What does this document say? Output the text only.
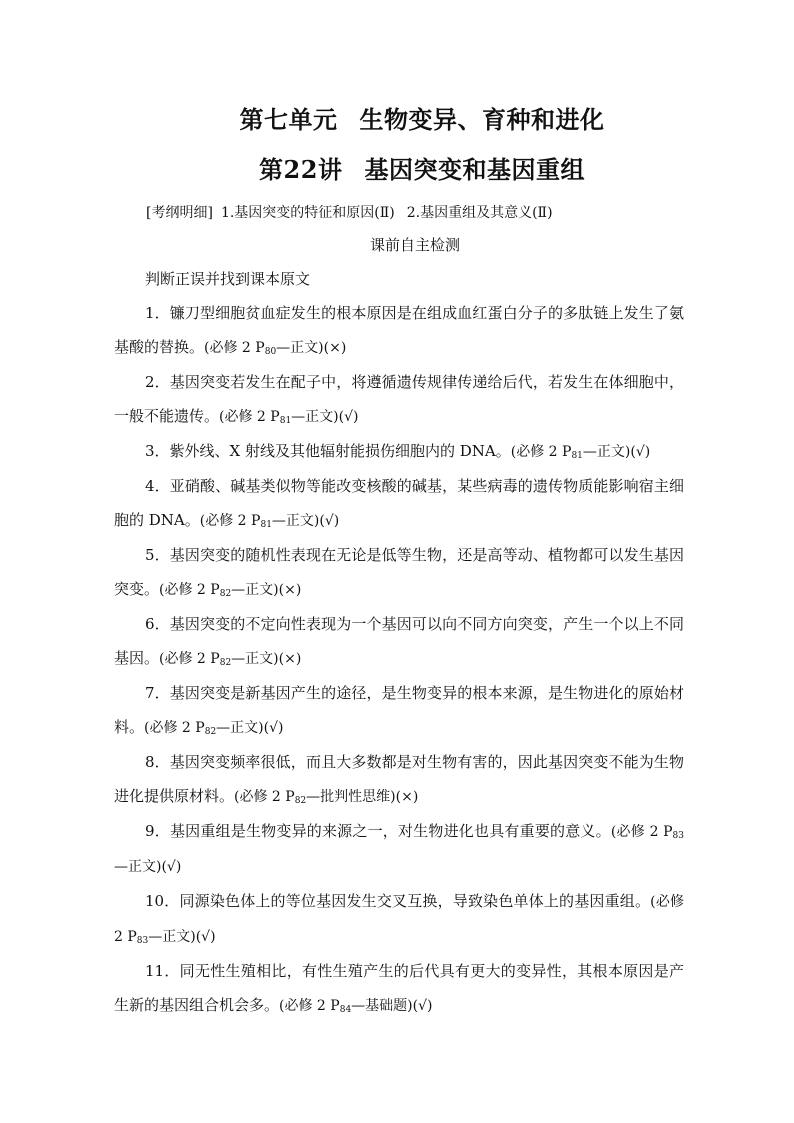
第七单元 生物变异、育种和进化
第22讲 基因突变和基因重组
[考纲明细] 1.基因突变的特征和原因(Ⅱ) 2.基因重组及其意义(Ⅱ)
课前自主检测
判断正误并找到课本原文

1．镰刀型细胞贫血症发生的根本原因是在组成血红蛋白分子的多肽链上发生了氨基酸的替换。(必修 2 $P_{80}—$正文)(×)

2．基因突变若发生在配子中，将遵循遗传规律传递给后代，若发生在体细胞中，一般不能遗传。(必修 2 $P_{81}—$正文)(√)

3．紫外线、X 射线及其他辐射能损伤细胞内的 DNA。(必修 2 $P_{81}—$正文)(√)

4．亚硝酸、碱基类似物等能改变核酸的碱基，某些病毒的遗传物质能影响宿主细胞的 DNA。(必修 2 $P_{81}—$正文)(√)

5．基因突变的随机性表现在无论是低等生物，还是高等动、植物都可以发生基因突变。(必修 2 $P_{82}—$正文)(×)

6．基因突变的不定向性表现为一个基因可以向不同方向突变，产生一个以上不同基因。(必修 2 $P_{82}—$正文)(×)

7．基因突变是新基因产生的途径，是生物变异的根本来源，是生物进化的原始材料。(必修 2 $P_{82}—$正文)(√)

8．基因突变频率很低，而且大多数都是对生物有害的，因此基因突变不能为生物进化提供原材料。(必修 2 $P_{82}—$批判性思维)(×)

9．基因重组是生物变异的来源之一，对生物进化也具有重要的意义。(必修 2 $P_{83}—$正文)(√)

10．同源染色体上的等位基因发生交叉互换，导致染色单体上的基因重组。(必修 2 $P_{83}—$正文)(√)

11．同无性生殖相比，有性生殖产生的后代具有更大的变异性，其根本原因是产生新的基因组合机会多。(必修 2 $P_{84}—$基础题)(√)
